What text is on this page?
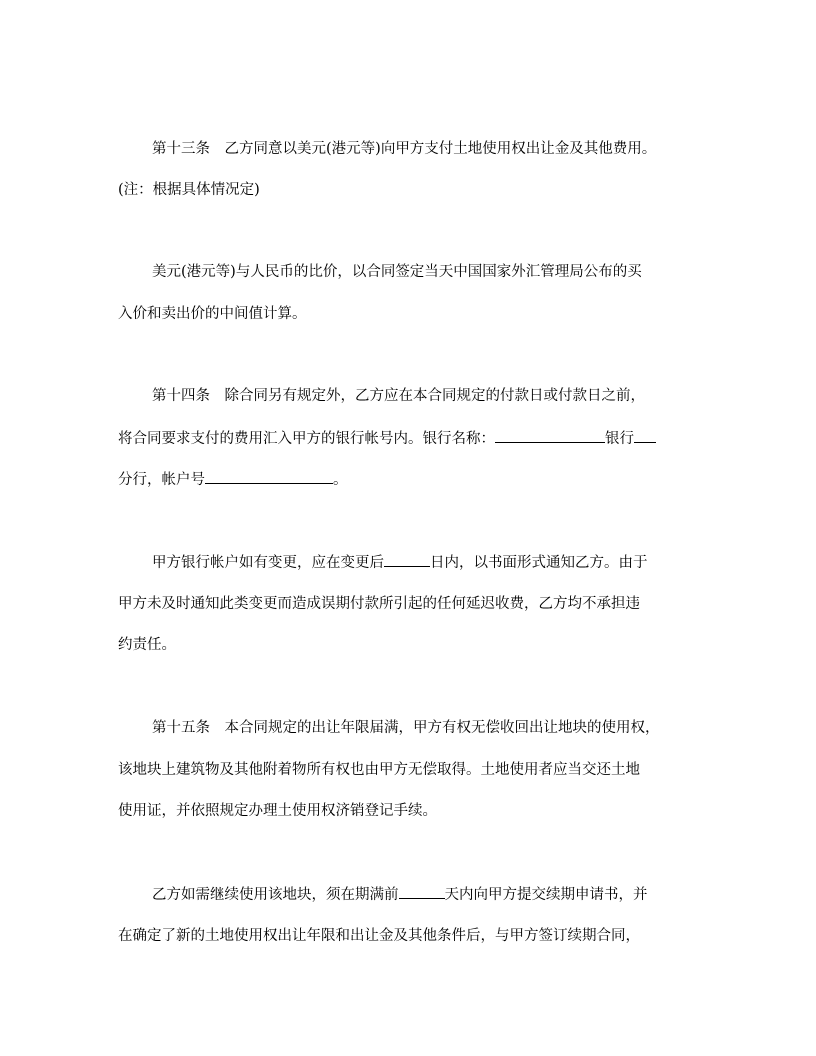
第十三条　乙方同意以美元(港元等)向甲方支付土地使用权出让金及其他费用。
(注：根据具体情况定)
美元(港元等)与人民币的比价，以合同签定当天中国国家外汇管理局公布的买
入价和卖出价的中间值计算。
第十四条　除合同另有规定外，乙方应在本合同规定的付款日或付款日之前，
将合同要求支付的费用汇入甲方的银行帐号内。银行名称：	银行
分行，帐户号	。
甲方银行帐户如有变更，应在变更后	日内，以书面形式通知乙方。由于
甲方未及时通知此类变更而造成误期付款所引起的任何延迟收费，乙方均不承担违
约责任。
第十五条　本合同规定的出让年限届满，甲方有权无偿收回出让地块的使用权，
该地块上建筑物及其他附着物所有权也由甲方无偿取得。土地使用者应当交还土地
使用证，并依照规定办理土使用权济销登记手续。
乙方如需继续使用该地块，须在期满前	天内向甲方提交续期申请书，并
在确定了新的土地使用权出让年限和出让金及其他条件后，与甲方签订续期合同，
